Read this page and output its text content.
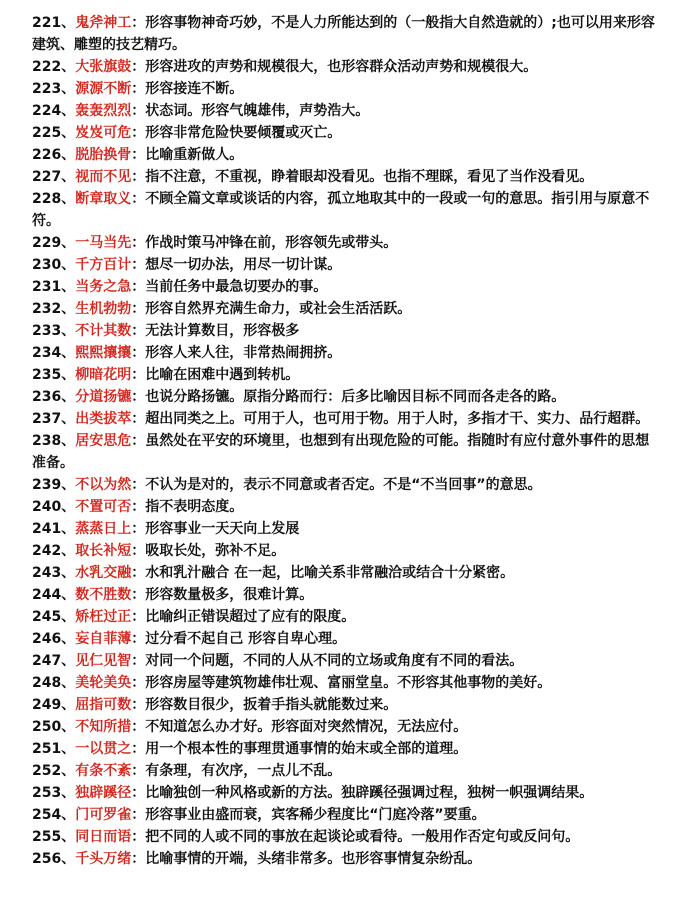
221、鬼斧神工：形容事物神奇巧妙，不是人力所能达到的（一般指大自然造就的）;也可以用来形容建筑、雕塑的技艺精巧。
222、大张旗鼓：形容进攻的声势和规模很大，也形容群众活动声势和规模很大。
223、源源不断：形容接连不断。
224、轰轰烈烈：状态词。形容气魄雄伟，声势浩大。
225、岌岌可危：形容非常危险快要倾覆或灭亡。
226、脱胎换骨：比喻重新做人。
227、视而不见：指不注意，不重视，睁着眼却没看见。也指不理睬，看见了当作没看见。
228、断章取义：不顾全篇文章或谈话的内容，孤立地取其中的一段或一句的意思。指引用与原意不符。
229、一马当先：作战时策马冲锋在前，形容领先或带头。
230、千方百计：想尽一切办法，用尽一切计谋。
231、当务之急：当前任务中最急切要办的事。
232、生机勃勃：形容自然界充满生命力，或社会生活活跃。
233、不计其数：无法计算数目，形容极多
234、熙熙攘攘：形容人来人往，非常热闹拥挤。
235、柳暗花明：比喻在困难中遇到转机。
236、分道扬镳：也说分路扬镳。原指分路而行：后多比喻因目标不同而各走各的路。
237、出类拔萃：超出同类之上。可用于人，也可用于物。用于人时，多指才干、实力、品行超群。
238、居安思危：虽然处在平安的环境里，也想到有出现危险的可能。指随时有应付意外事件的思想准备。
239、不以为然：不认为是对的，表示不同意或者否定。不是“不当回事”的意思。
240、不置可否：指不表明态度。
241、蒸蒸日上：形容事业一天天向上发展
242、取长补短：吸取长处，弥补不足。
243、水乳交融：水和乳汁融合 在一起，比喻关系非常融洽或结合十分紧密。
244、数不胜数：形容数量极多，很难计算。
245、矫枉过正：比喻纠正错误超过了应有的限度。
246、妄自菲薄：过分看不起自己 形容自卑心理。
247、见仁见智：对同一个问题，不同的人从不同的立场或角度有不同的看法。
248、美轮美奂：形容房屋等建筑物雄伟壮观、富丽堂皇。不形容其他事物的美好。
249、屈指可数：形容数目很少，扳着手指头就能数过来。
250、不知所措：不知道怎么办才好。形容面对突然情况，无法应付。
251、一以贯之：用一个根本性的事理贯通事情的始末或全部的道理。
252、有条不紊：有条理，有次序，一点儿不乱。
253、独辟蹊径：比喻独创一种风格或新的方法。独辟蹊径强调过程，独树一帜强调结果。
254、门可罗雀：形容事业由盛而衰，宾客稀少程度比“门庭冷落”要重。
255、同日而语：把不同的人或不同的事放在起谈论或看待。一般用作否定句或反问句。
256、千头万绪：比喻事情的开端，头绪非常多。也形容事情复杂纷乱。
